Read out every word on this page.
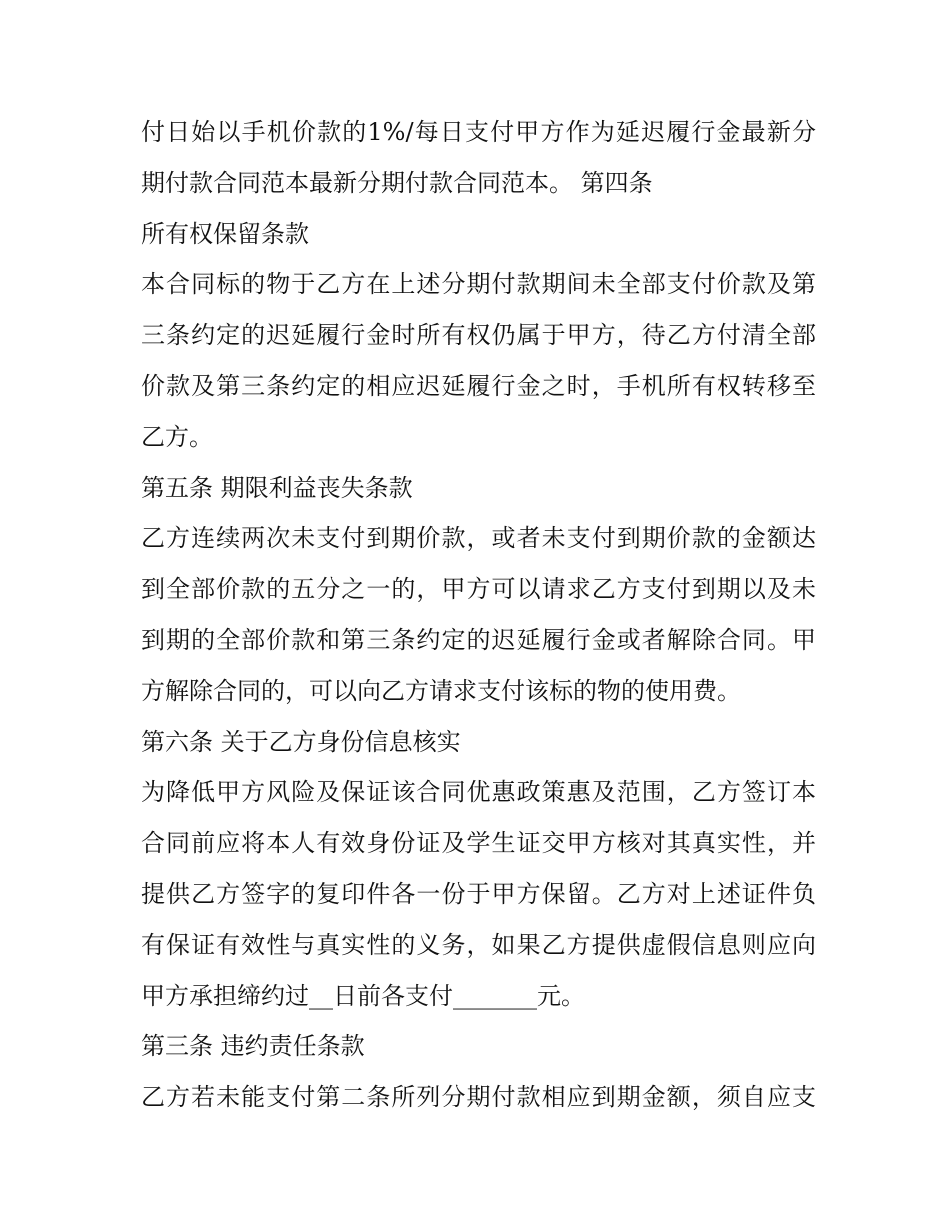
付日始以手机价款的1%/每日支付甲方作为延迟履行金最新分
期付款合同范本最新分期付款合同范本。 第四条
所有权保留条款
本合同标的物于乙方在上述分期付款期间未全部支付价款及第
三条约定的迟延履行金时所有权仍属于甲方，待乙方付清全部
价款及第三条约定的相应迟延履行金之时，手机所有权转移至
乙方。
第五条 期限利益丧失条款
乙方连续两次未支付到期价款，或者未支付到期价款的金额达
到全部价款的五分之一的，甲方可以请求乙方支付到期以及未
到期的全部价款和第三条约定的迟延履行金或者解除合同。甲
方解除合同的，可以向乙方请求支付该标的物的使用费。
第六条 关于乙方身份信息核实
为降低甲方风险及保证该合同优惠政策惠及范围，乙方签订本
合同前应将本人有效身份证及学生证交甲方核对其真实性，并
提供乙方签字的复印件各一份于甲方保留。乙方对上述证件负
有保证有效性与真实性的义务，如果乙方提供虚假信息则应向
甲方承担缔约过__日前各支付_______元。
第三条 违约责任条款
乙方若未能支付第二条所列分期付款相应到期金额，须自应支
